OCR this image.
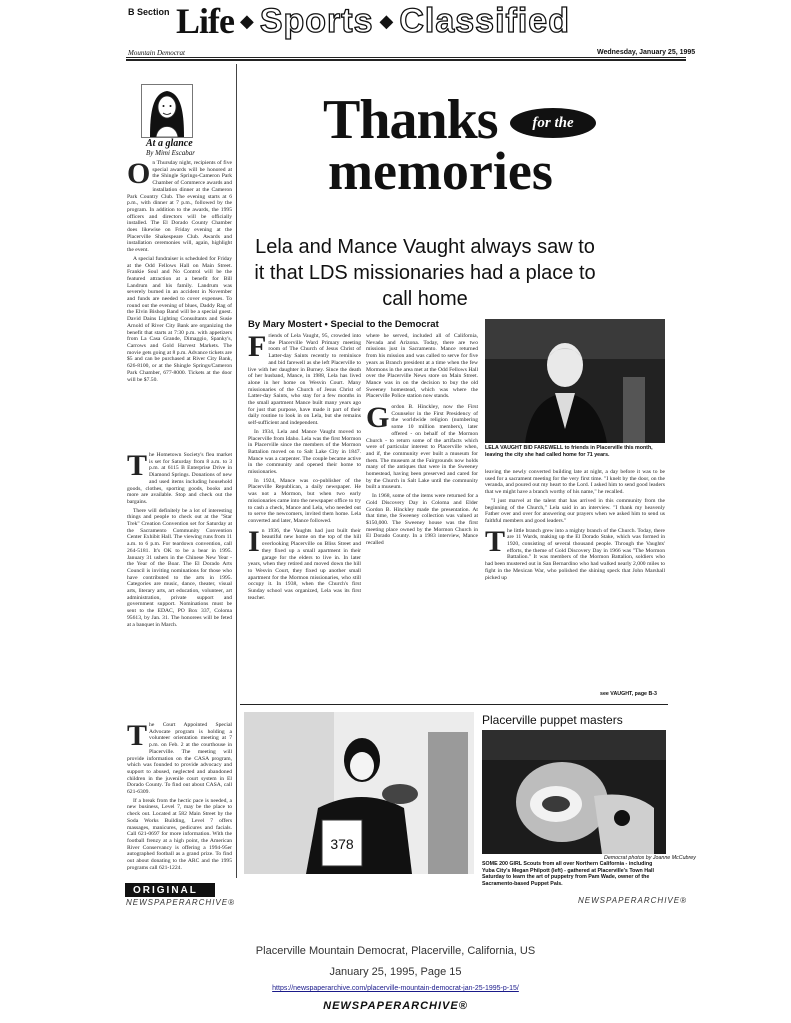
B Section Life ◆ Sports ◆ Classified
Mountain Democrat	Wednesday, January 25, 1995
At a glance
By Mimi Escabar
On Thursday night, recipients of five special awards will be honored at the Shingle Springs-Cameron Park Chamber of Commerce awards and installation dinner at the Cameron Park Country Club. The evening starts at 6 p.m., with dinner at 7 p.m., followed by the program. In addition to the awards, the 1995 officers and directors will be officially installed. The El Dorado County Chamber does likewise on Friday evening at the Placerville Shakespeare Club. Awards and installation ceremonies will, again, highlight the event.

A special fundraiser is scheduled for Friday at the Odd Fellows Hall on Main Street. Frankie Soul and No Control will be the featured attraction at a benefit for Bill Landrum and his family. Landrum was severely burned in an accident in November and funds are needed to cover expenses. To round out the evening of blues, Daddy Rag of the Elvin Bishop Band will be a special guest. David Dains Lighting Consultants and Susie Arnold of River City Bank are organizing the benefit that starts at 7:30 p.m. with appetizers from La Casa Grande, Dimaggio, Spanky's, Carrows and Gold Harvest Markets. The movie gets going at 8 p.m. Advance tickets are $5 and can be purchased at River City Bank, 626-8100, or at the Shingle Springs/Cameron Park Chamber, 677-8000. Tickets at the door will be $7.50.

The Hometown Society's flea market is set for Saturday from 8 a.m. to 3 p.m. at 6115 B Enterprise Drive in Diamond Springs. Donations of new and used items including household goods, clothes, sporting goods, books and more are available. Stop and check out the bargains.

There will definitely be a lot of interesting things and people to check out at the "Star Trek" Creation Convention set for Saturday at the Sacramento Community Convention Center Exhibit Hall. The viewing runs from 11 a.m. to 6 p.m. For teardown convention, call 264-5181. It's OK to be a bear in 1995. January 31 ushers in the Chinese New Year - the Year of the Boar. The El Dorado Arts Council is inviting nominations for those who have contributed to the arts in 1995. Categories are music, dance, theater, visual arts, literary arts, art education, volunteer, art administration, private support and government support. Nominations must be sent to the EDAC, PO Box 337, Coloma 95613, by Jan. 31. The honorees will be feted at a banquet in March.

The Court Appointed Special Advocate program is holding a volunteer orientation meeting at 7 p.m. on Feb. 2 at the courthouse in Placerville. The meeting will provide information on the CASA program, which was founded to provide advocacy and support to abused, neglected and abandoned children in the juvenile court system in El Dorado County. To find out about CASA, call 621-6309.

If a break from the hectic pace is needed, a new business, Level 7, may be the place to check out. Located at 582 Main Street by the Soda Works Building, Level 7 offers massages, manicures, pedicures and facials. Call 621-0697 for more information. With the football frenzy at a high point, the American River Conservancy is offering a 1994-95er autographed football as a grand prize. To find out about donating to the ARC and the 1995 programs call 621-1224.

Thanks	for the
memories
Lela and Mance Vaught always saw to it that LDS missionaries had a place to call home
By Mary Mostert • Special to the Democrat
Friends of Lela Vaught, 95, crowded into the Placerville Ward Primary meeting room of The Church of Jesus Christ of Latter-day Saints recently to reminisce and bid farewell as she left Placerville to live with her daughter in Burney. Since the death of her husband, Mance, in 1988, Lela has lived alone in her home on Wesvin Court. Many missionaries of the Church of Jesus Christ of Latter-day Saints, who stay for a few months in the small apartment Mance built many years ago for just that purpose, have made it part of their daily routine to look in on Lela, but she remains self-sufficient and independent.

In 1934, Lela and Mance Vaught moved to Placerville from Idaho. Lela was the first Mormon in Placerville since the members of the Mormon Battalion moved on to Salt Lake City in 1847. Mance was a carpenter. The couple became active in the community and opened their home to missionaries.

In 1924, Mance was co-publisher of the Placerville Republican, a daily newspaper. He was not a Mormon, but when two early missionaries came into the newspaper office to try to cash a check, Mance and Lela, who needed out to serve the newcomers, invited them home. Lela converted and later, Mance followed.

In 1936, the Vaughts had just built their beautiful new home on the top of the hill overlooking Placerville on Bliss Street and they fixed up a small apartment in their garage for the elders to live in. In later years, when they retired and moved down the hill to Wesvin Court, they fixed up another small apartment for the Mormon missionaries, who still occupy it. In 1938, when the Church's first Sunday school was organized, Lela was its first teacher.

where he served, included all of California, Nevada and Arizona. Today, there are two missions just in Sacramento. Mance returned from his mission and was called to serve for five years as Branch president at a time when the few Mormons in the area met at the Odd Fellows Hall over the Placerville News store on Main Street. Mance was in on the decision to buy the old Sweeney homestead, which was where the Placerville Police station now stands.

Gordon B. Hinckley, now the First Counselor in the First Presidency of the worldwide religion (numbering some 10 million members), later offered - on behalf of the Mormon Church - to return some of the artifacts which were of particular interest to Placerville when, and if, the community ever built a museum for them. The museum at the Fairgrounds now holds many of the antiques that were in the Sweeney homestead, having been preserved and cared for by the Church in Salt Lake until the community built a museum.

In 1968, some of the items were returned for a Gold Discovery Day in Coloma and Elder Gordon B. Hinckley made the presentation. At that time, the Sweeney collection was valued at $150,000. The Sweeney house was the first meeting place owned by the Mormon Church in El Dorado County. In a 1983 interview, Mance recalled

LELA VAUGHT BID FAREWELL to friends in Placerville this month, leaving the city she had called home for 71 years.

leaving the newly converted building late at night, a day before it was to be used for a sacrament meeting for the very first time. "I knelt by the door, on the veranda, and poured out my heart to the Lord. I asked him to send good leaders that we might have a branch worthy of his name," he recalled.

"I just marvel at the talent that has arrived in this community from the beginning of the Church," Lela said in an interview. "I thank my heavenly Father over and over for answering our prayers when we asked him to send us faithful members and good leaders."

The little branch grew into a mighty branch of the Church. Today, there are 11 Wards, making up the El Dorado Stake, which was formed in 1920, consisting of several thousand people. Through the Vaughts' efforts, the theme of Gold Discovery Day in 1966 was "The Mormon Battalion." It was members of the Mormon Battalion, soldiers who had been mustered out in San Bernardino who had walked nearly 2,000 miles to fight in the Mexican War, who polished the shining speck that John Marshall picked up

see VAUGHT, page B-3
378
Placerville puppet masters
Democrat photos by Joanne McCubrey
SOME 200 GIRL Scouts from all over Northern California - including Yuba City's Megan Philpott (left) - gathered at Placerville's Town Hall Saturday to learn the art of puppetry from Pam Wade, owner of the Sacramento-based Puppet Pals.
ORIGINAL
NEWSPAPERARCHIVE®	NEWSPAPERARCHIVE®
Placerville Mountain Democrat, Placerville, California, US
January 25, 1995, Page 15
https://newspaperarchive.com/placerville-mountain-democrat-jan-25-1995-p-15/
NEWSPAPERARCHIVE®
